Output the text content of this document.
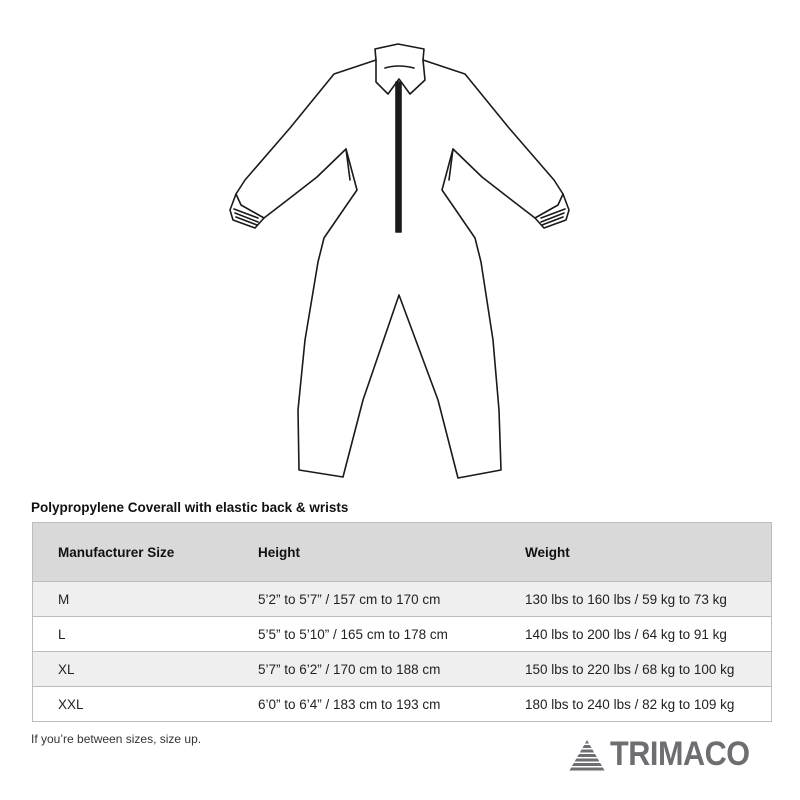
Polypropylene Coverall with elastic back & wrists
Manufacturer Size	Height	Weight
M	5’2” to 5’7” / 157 cm to 170 cm	130 lbs to 160 lbs / 59 kg to 73 kg
L	5’5” to 5’10” / 165 cm to 178 cm	140 lbs to 200 lbs / 64 kg to 91 kg
XL	5’7” to 6’2” / 170 cm to 188 cm	150 lbs to 220 lbs / 68 kg to 100 kg
XXL	6’0” to 6’4” / 183 cm to 193 cm	180 lbs to 240 lbs / 82 kg to 109 kg
If you’re between sizes, size up.	TRIMACO
